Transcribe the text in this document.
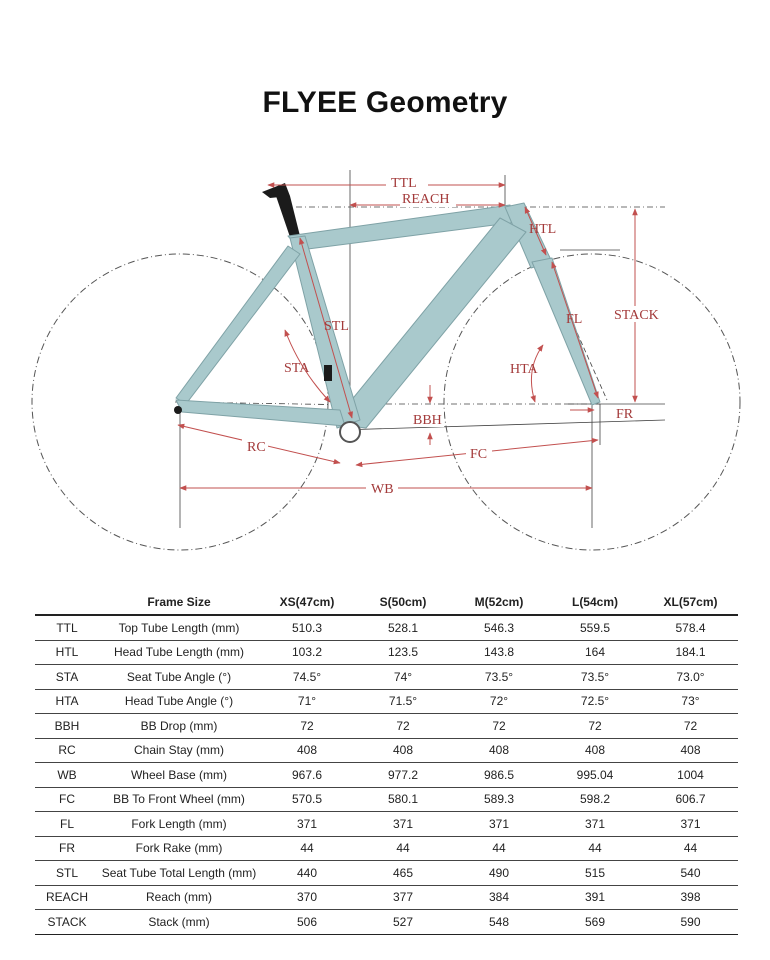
FLYEE Geometry
TTL
REACH
HTL
STACK
STL	FL
STA	HTA
BBH	FR
RC	FC
WB
	Frame Size	XS(47cm)	S(50cm)	M(52cm)	L(54cm)	XL(57cm)
TTL	Top Tube Length (mm)	510.3	528.1	546.3	559.5	578.4
HTL	Head Tube Length (mm)	103.2	123.5	143.8	164	184.1
STA	Seat Tube Angle (°)	74.5°	74°	73.5°	73.5°	73.0°
HTA	Head Tube Angle (°)	71°	71.5°	72°	72.5°	73°
BBH	BB Drop (mm)	72	72	72	72	72
RC	Chain Stay (mm)	408	408	408	408	408
WB	Wheel Base (mm)	967.6	977.2	986.5	995.04	1004
FC	BB To Front Wheel (mm)	570.5	580.1	589.3	598.2	606.7
FL	Fork Length (mm)	371	371	371	371	371
FR	Fork Rake (mm)	44	44	44	44	44
STL	Seat Tube Total Length (mm)	440	465	490	515	540
REACH	Reach (mm)	370	377	384	391	398
STACK	Stack (mm)	506	527	548	569	590
